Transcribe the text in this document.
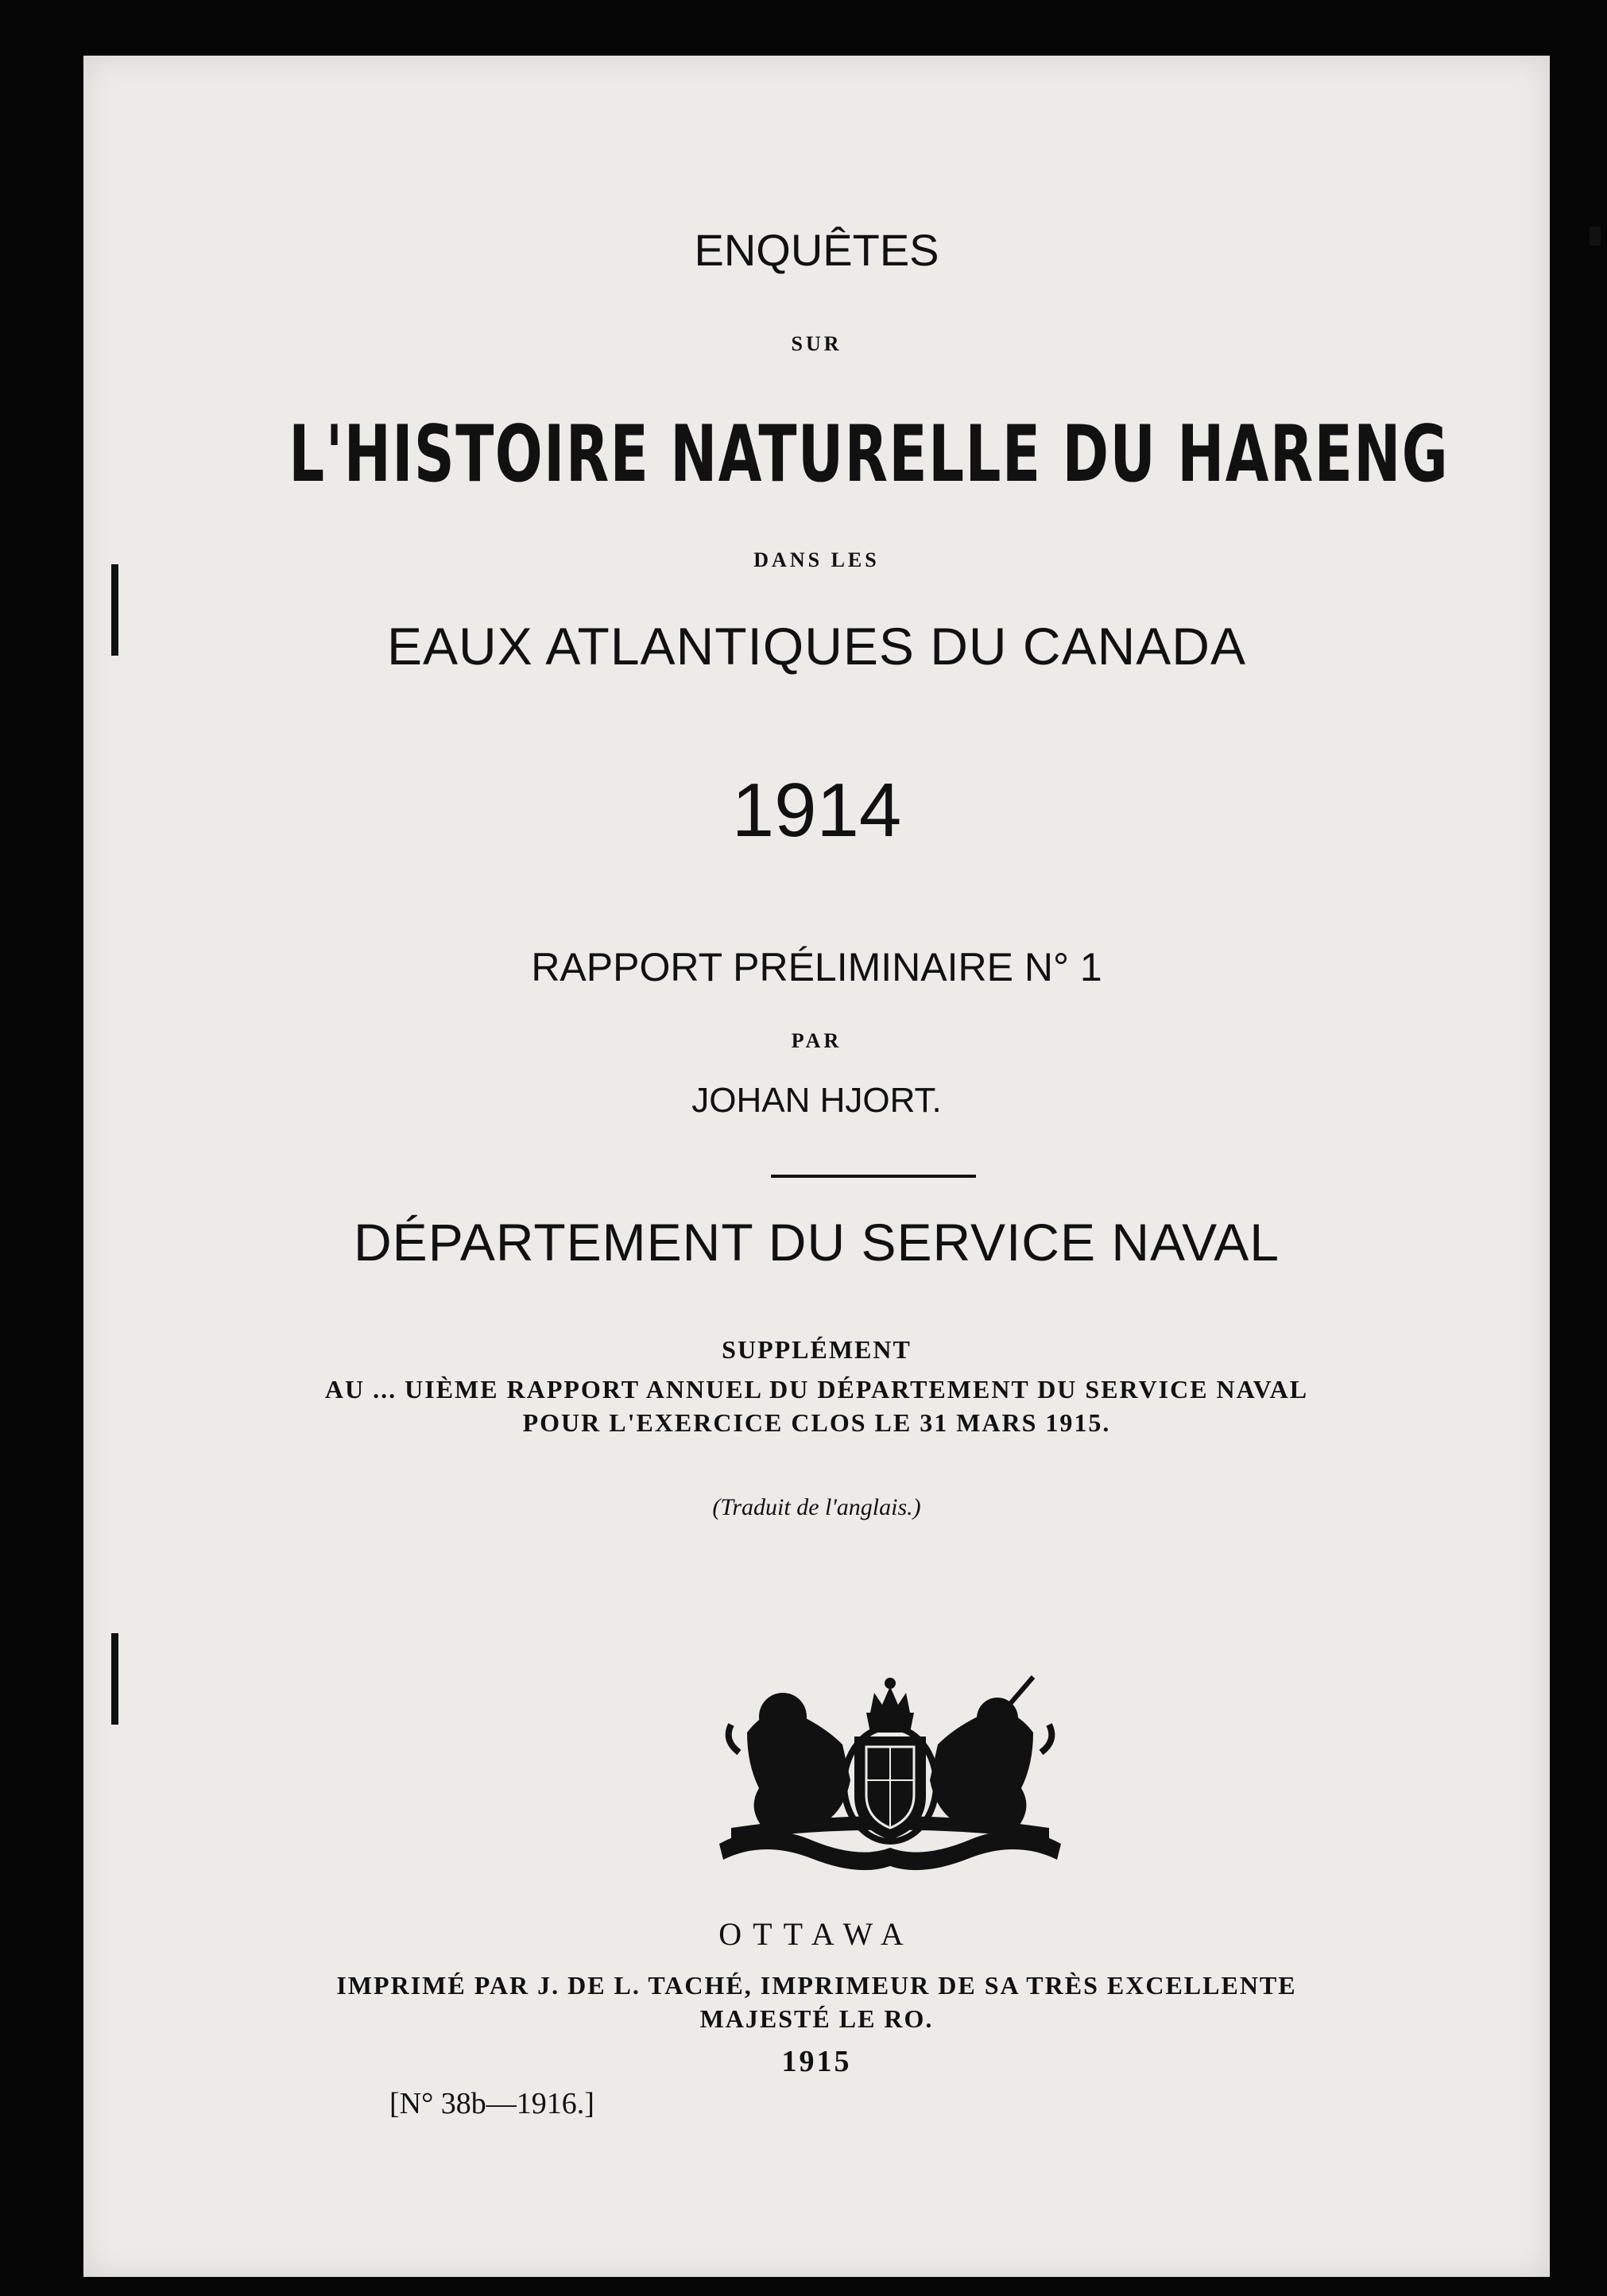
ENQUÊTES
SUR
L'HISTOIRE NATURELLE DU HARENG
DANS LES
EAUX ATLANTIQUES DU CANADA
1914
RAPPORT PRÉLIMINAIRE N° 1
PAR
JOHAN HJORT.
DÉPARTEMENT DU SERVICE NAVAL
SUPPLÉMENT
AU ... UIÈME RAPPORT ANNUEL DU DÉPARTEMENT DU SERVICE NAVAL
POUR L'EXERCICE CLOS LE 31 MARS 1915.
(Traduit de l'anglais.)
OTTAWA
IMPRIMÉ PAR J. DE L. TACHÉ, IMPRIMEUR DE SA TRÈS EXCELLENTE
MAJESTÉ LE RO.
1915
[N° 38b—1916.]
